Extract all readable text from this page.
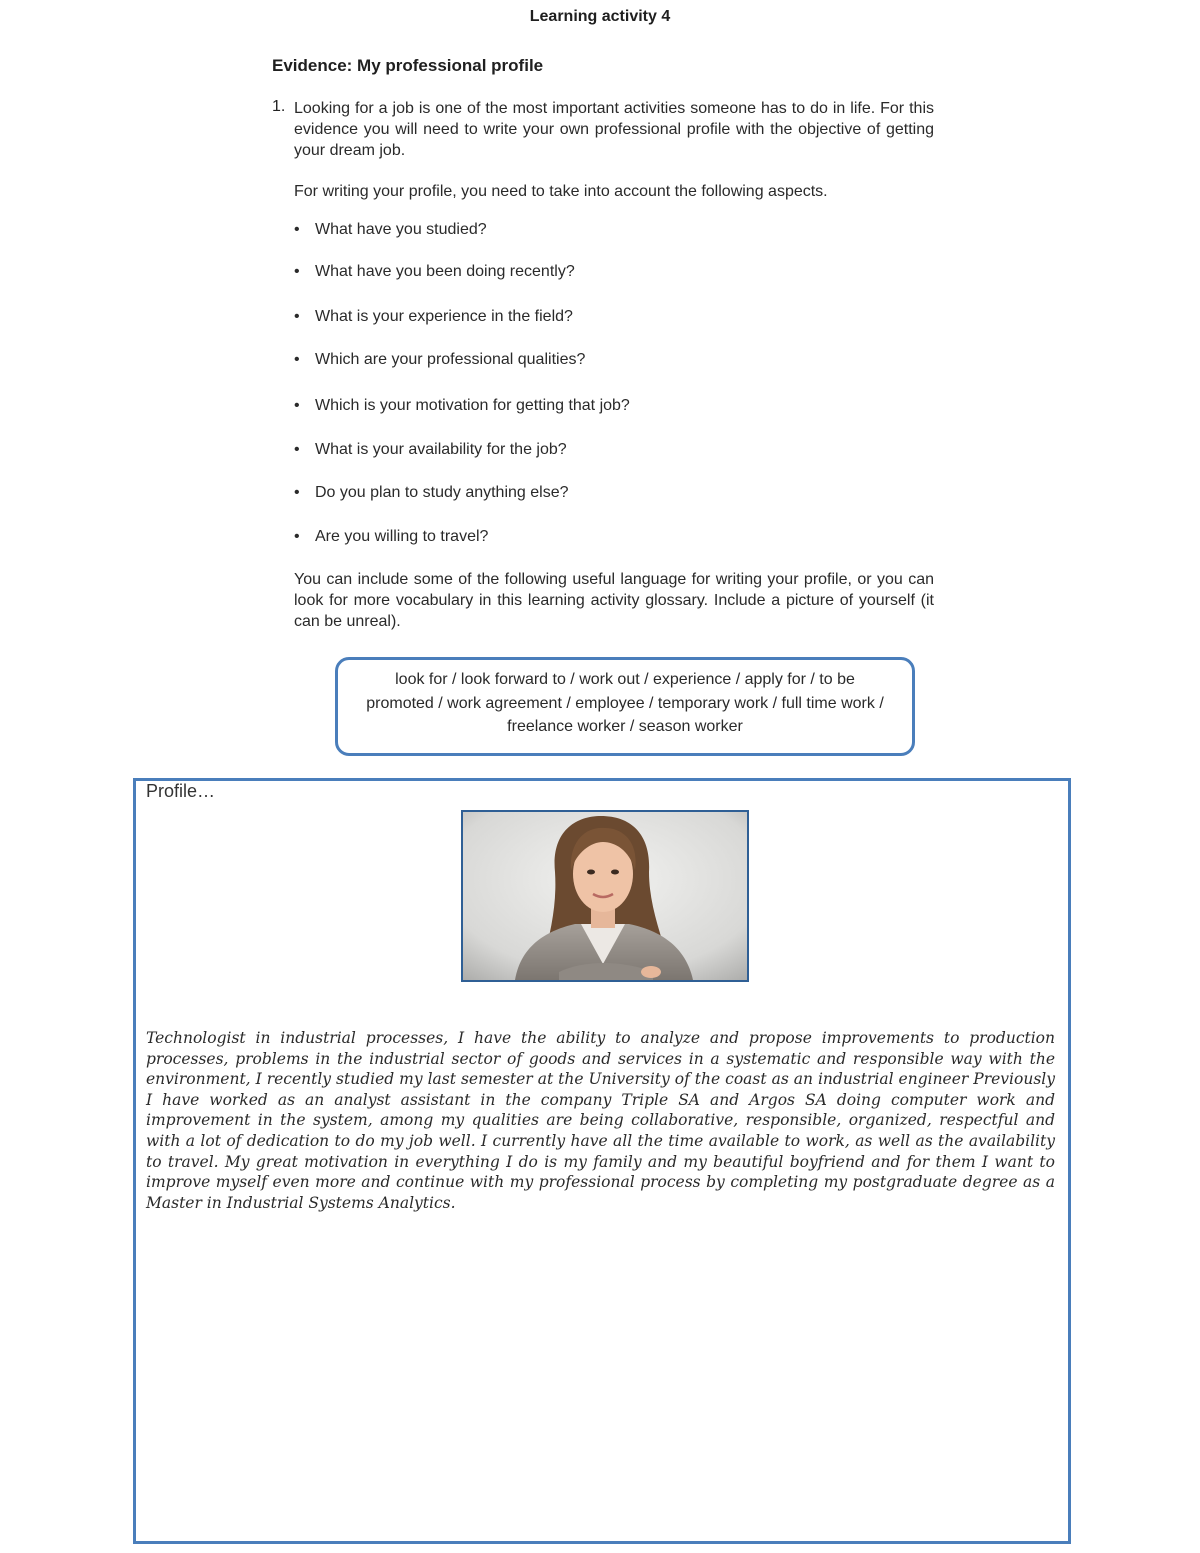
Learning activity 4
Evidence: My professional profile
1. Looking for a job is one of the most important activities someone has to do in life. For this evidence you will need to write your own professional profile with the objective of getting your dream job.
For writing your profile, you need to take into account the following aspects.
• What have you studied?
• What have you been doing recently?
• What is your experience in the field?
• Which are your professional qualities?
• Which is your motivation for getting that job?
• What is your availability for the job?
• Do you plan to study anything else?
• Are you willing to travel?
You can include some of the following useful language for writing your profile, or you can look for more vocabulary in this learning activity glossary. Include a picture of yourself (it can be unreal).
look for / look forward to / work out / experience / apply for / to be promoted / work agreement / employee / temporary work / full time work / freelance worker / season worker
Profile…
Technologist in industrial processes, I have the ability to analyze and propose improvements to production processes, problems in the industrial sector of goods and services in a systematic and responsible way with the environment, I recently studied my last semester at the University of the coast as an industrial engineer Previously I have worked as an analyst assistant in the company Triple SA and Argos SA doing computer work and improvement in the system, among my qualities are being collaborative, responsible, organized, respectful and with a lot of dedication to do my job well. I currently have all the time available to work, as well as the availability to travel. My great motivation in everything I do is my family and my beautiful boyfriend and for them I want to improve myself even more and continue with my professional process by completing my postgraduate degree as a Master in Industrial Systems Analytics.
